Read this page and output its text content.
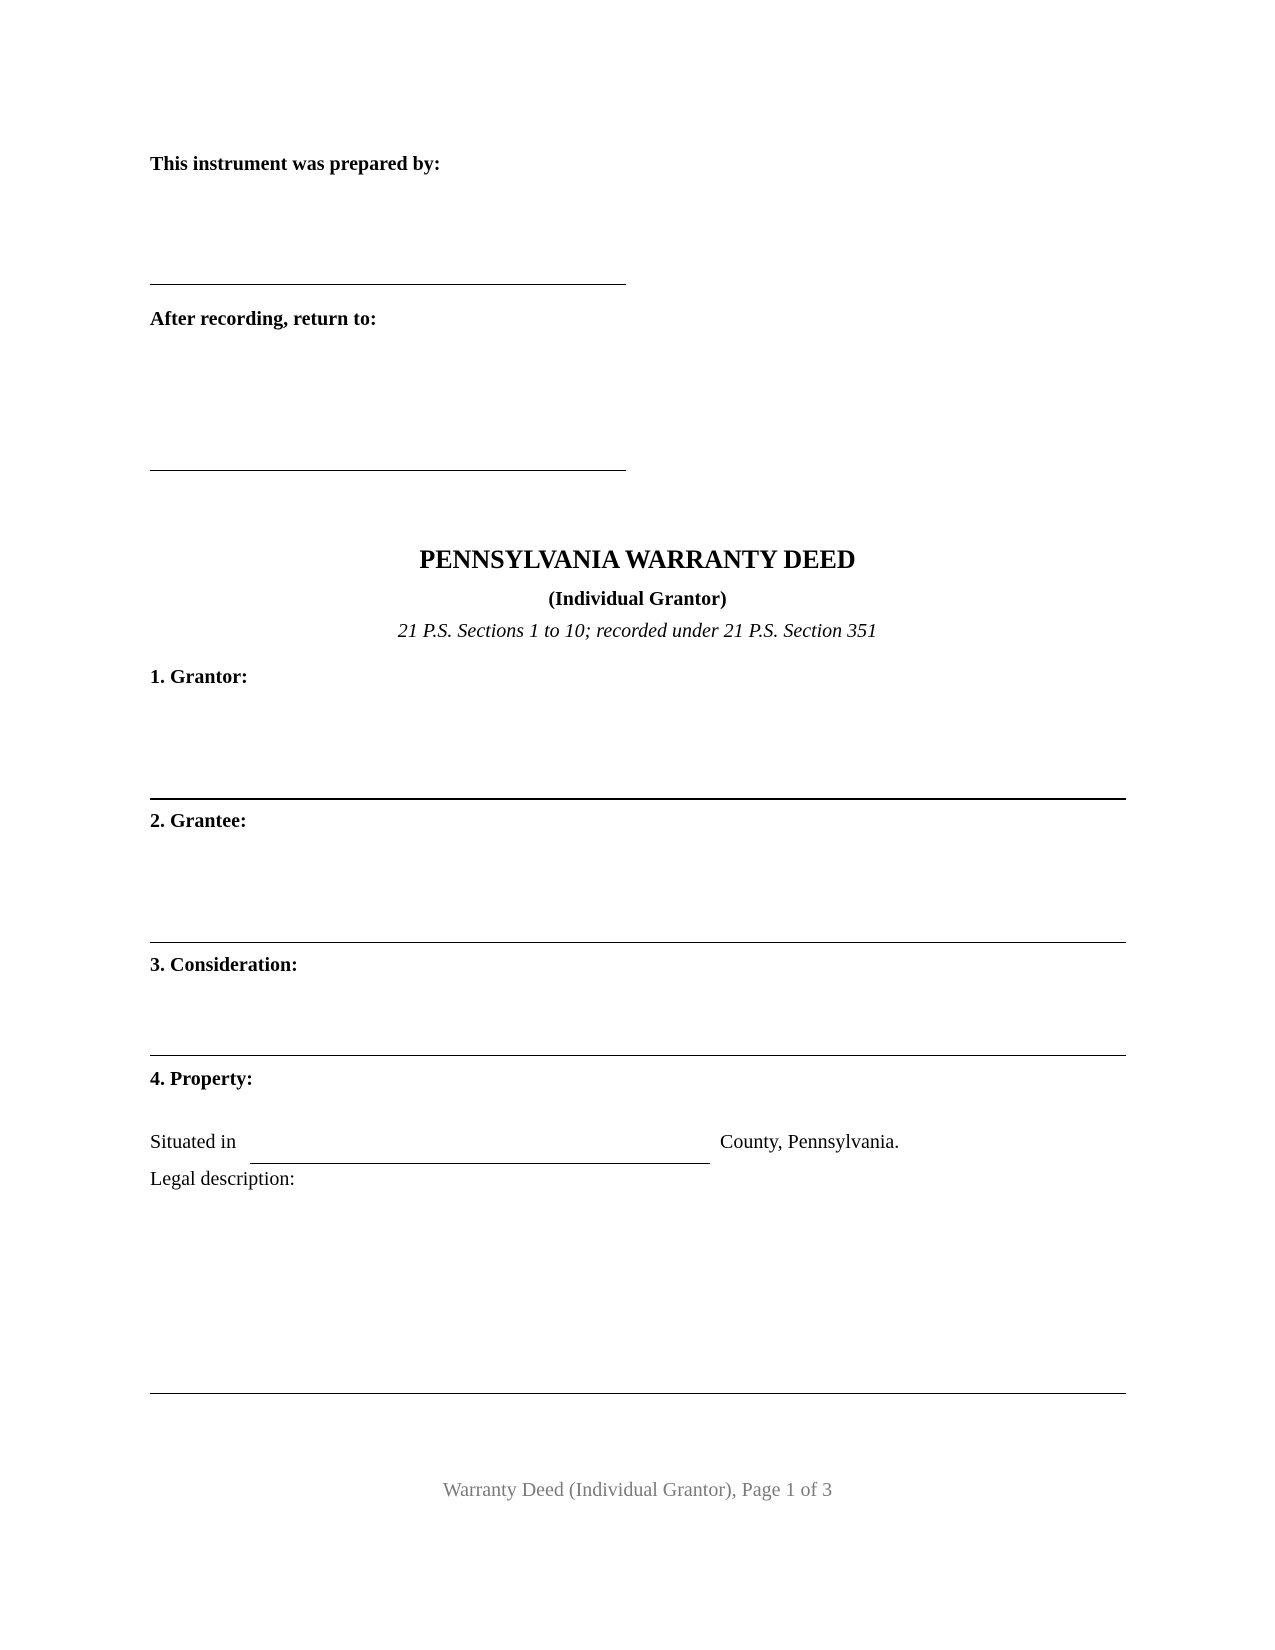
This instrument was prepared by:
After recording, return to:
PENNSYLVANIA WARRANTY DEED
(Individual Grantor)
21 P.S. Sections 1 to 10; recorded under 21 P.S. Section 351
1. Grantor:
2. Grantee:
3. Consideration:
4. Property:
Situated in	County, Pennsylvania.
Legal description:
Warranty Deed (Individual Grantor), Page 1 of 3
